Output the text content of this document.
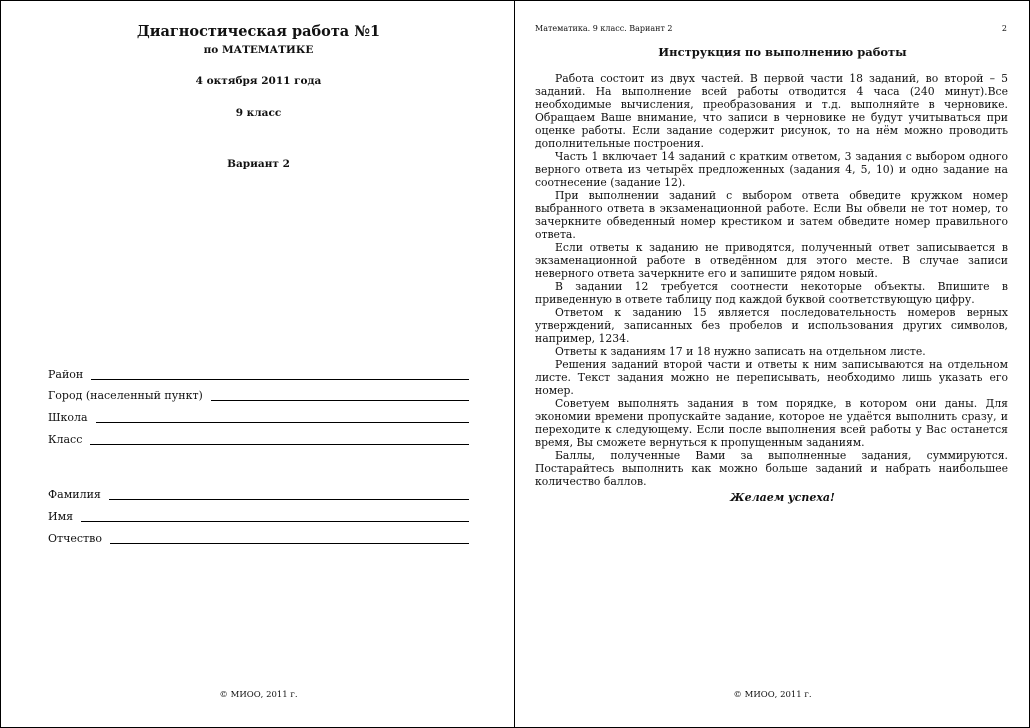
Диагностическая работа №1
по МАТЕМАТИКЕ
4 октября 2011 года
9 класс
Вариант 2
Район
Город (населенный пункт)
Школа
Класс
Фамилия
Имя
Отчество
© МИОО, 2011 г.
Математика. 9 класс. Вариант 2	2
Инструкция по выполнению работы

Работа состоит из двух частей. В первой части 18 заданий, во второй – 5 заданий. На выполнение всей работы отводится 4 часа (240 минут).Все необходимые вычисления, преобразования и т.д. выполняйте в черновике. Обращаем Ваше внимание, что записи в черновике не будут учитываться при оценке работы. Если задание содержит рисунок, то на нём можно проводить дополнительные построения.

Часть 1 включает 14 заданий с кратким ответом, 3 задания с выбором одного верного ответа из четырёх предложенных (задания 4, 5, 10) и одно задание на соотнесение (задание 12).

При выполнении заданий с выбором ответа обведите кружком номер выбранного ответа в экзаменационной работе. Если Вы обвели не тот номер, то зачеркните обведенный номер крестиком и затем обведите номер правильного ответа.

Если ответы к заданию не приводятся, полученный ответ записывается в экзаменационной работе в отведённом для этого месте. В случае записи неверного ответа зачеркните его и запишите рядом новый.

В задании 12 требуется соотнести некоторые объекты. Впишите в приведенную в ответе таблицу под каждой буквой соответствующую цифру.

Ответом к заданию 15 является последовательность номеров верных утверждений, записанных без пробелов и использования других символов, например, 1234.

Ответы к заданиям 17 и 18 нужно записать на отдельном листе.

Решения заданий второй части и ответы к ним записываются на отдельном листе. Текст задания можно не переписывать, необходимо лишь указать его номер.

Советуем выполнять задания в том порядке, в котором они даны. Для экономии времени пропускайте задание, которое не удаётся выполнить сразу, и переходите к следующему. Если после выполнения всей работы у Вас останется время, Вы сможете вернуться к пропущенным заданиям.

Баллы, полученные Вами за выполненные задания, суммируются. Постарайтесь выполнить как можно больше заданий и набрать наибольшее количество баллов.

Желаем успеха!
© МИОО, 2011 г.
